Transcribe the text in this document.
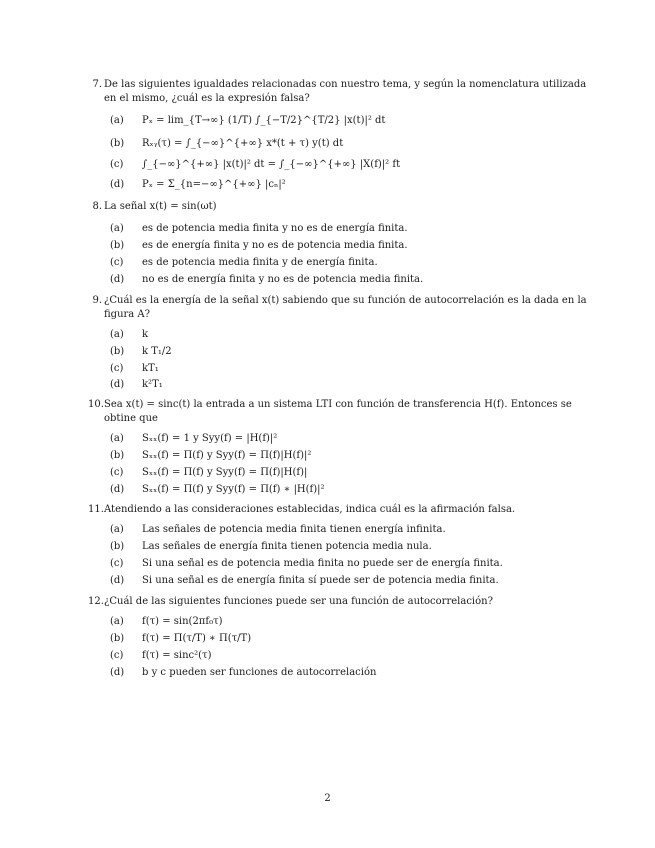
7. De las siguientes igualdades relacionadas con nuestro tema, y según la nomenclatura utilizada en el mismo, ¿cuál es la expresión falsa?
(a) Pₓ = lim_{T→∞} (1/T) ∫_{−T/2}^{T/2} |x(t)|² dt
(b) Rₓᵧ(τ) = ∫_{−∞}^{+∞} x*(t + τ) y(t) dt
(c) ∫_{−∞}^{+∞} |x(t)|² dt = ∫_{−∞}^{+∞} |X(f)|² ft
(d) Pₓ = Σ_{n=−∞}^{+∞} |cₙ|²
8. La señal x(t) = sin(ωt)
(a) es de potencia media finita y no es de energía finita.
(b) es de energía finita y no es de potencia media finita.
(c) es de potencia media finita y de energía finita.
(d) no es de energía finita y no es de potencia media finita.
9. ¿Cuál es la energía de la señal x(t) sabiendo que su función de autocorrelación es la dada en la figura A?
(a) k
(b) k T₁/2
(c) kT₁
(d) k²T₁
10. Sea x(t) = sinc(t) la entrada a un sistema LTI con función de transferencia H(f). Entonces se obtine que
(a) Sₓₓ(f) = 1 y Syy(f) = |H(f)|²
(b) Sₓₓ(f) = Π(f) y Syy(f) = Π(f)|H(f)|²
(c) Sₓₓ(f) = Π(f) y Syy(f) = Π(f)|H(f)|
(d) Sₓₓ(f) = Π(f) y Syy(f) = Π(f) ∗ |H(f)|²
11. Atendiendo a las consideraciones establecidas, indica cuál es la afirmación falsa.
(a) Las señales de potencia media finita tienen energía infinita.
(b) Las señales de energía finita tienen potencia media nula.
(c) Si una señal es de potencia media finita no puede ser de energía finita.
(d) Si una señal es de energía finita sí puede ser de potencia media finita.
12. ¿Cuál de las siguientes funciones puede ser una función de autocorrelación?
(a) f(τ) = sin(2πf₀τ)
(b) f(τ) = Π(τ/T) ∗ Π(τ/T)
(c) f(τ) = sinc²(τ)
(d) b y c pueden ser funciones de autocorrelación
2
